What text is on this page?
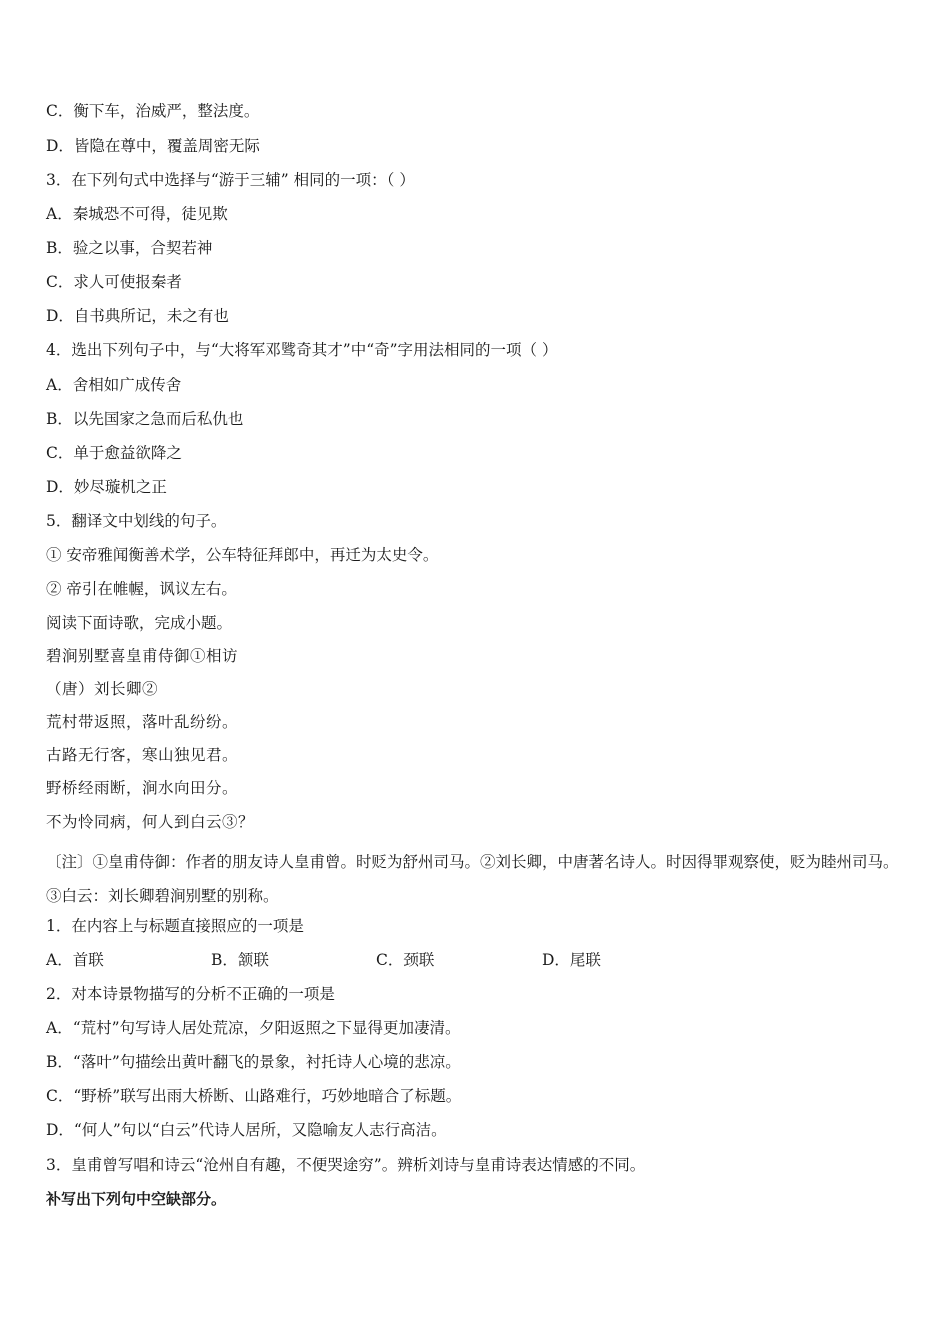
C．衡下车，治威严，整法度。
D．皆隐在尊中，覆盖周密无际
3．在下列句式中选择与“游于三辅” 相同的一项：（ ）
A．秦城恐不可得，徒见欺
B．验之以事，合契若神
C．求人可使报秦者
D．自书典所记，未之有也
4．选出下列句子中，与“大将军邓骘奇其才”中“奇”字用法相同的一项（ ）
A．舍相如广成传舍
B．以先国家之急而后私仇也
C．单于愈益欲降之
D．妙尽璇机之正
5．翻译文中划线的句子。
① 安帝雅闻衡善术学，公车特征拜郎中，再迁为太史令。
② 帝引在帷幄，讽议左右。
阅读下面诗歌，完成小题。
碧涧别墅喜皇甫侍御①相访
（唐）刘长卿②
荒村带返照，落叶乱纷纷。
古路无行客，寒山独见君。
野桥经雨断，涧水向田分。
不为怜同病，何人到白云③？
〔注〕①皇甫侍御：作者的朋友诗人皇甫曾。时贬为舒州司马。②刘长卿，中唐著名诗人。时因得罪观察使，贬为睦州司马。③白云：刘长卿碧涧别墅的别称。
1．在内容上与标题直接照应的一项是
A．首联	B．颔联	C．颈联	D．尾联
2．对本诗景物描写的分析不正确的一项是
A．“荒村”句写诗人居处荒凉，夕阳返照之下显得更加凄清。
B．“落叶”句描绘出黄叶翻飞的景象，衬托诗人心境的悲凉。
C．“野桥”联写出雨大桥断、山路难行，巧妙地暗合了标题。
D．“何人”句以“白云”代诗人居所，又隐喻友人志行高洁。
3．皇甫曾写唱和诗云“沧州自有趣，不便哭途穷”。辨析刘诗与皇甫诗表达情感的不同。
补写出下列句中空缺部分。
